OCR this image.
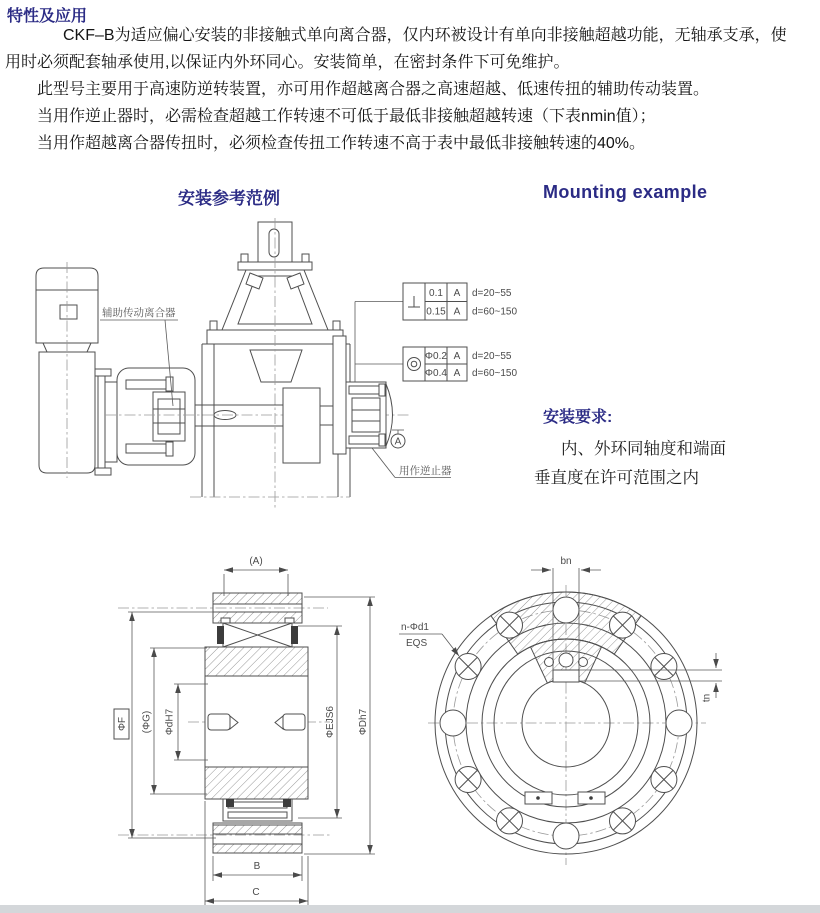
特性及应用

CKF–B为适应偏心安装的非接触式单向离合器，仅内环被设计有单向非接触超越功能，无轴承支承，使用时必须配套轴承使用,以保证内外环同心。安装简单，在密封条件下可免维护。

此型号主要用于高速防逆转装置，亦可用作超越离合器之高速超越、低速传扭的辅助传动装置。

当用作逆止器时，必需检查超越工作转速不可低于最低非接触超越转速（下表nmin值）；

当用作超越离合器传扭时，必须检查传扭工作转速不高于表中最低非接触转速的40%。

安装参考范例	Mounting example
A
辅助传动离合器
用作逆止器
0.1 A
0.15 A
d=20~55
d=60~150
Φ0.2 A
Φ0.4 A
d=20~55
d=60~150
安装要求:
内、外环同轴度和端面
垂直度在许可范围之内
(A)
ΦF (ΦG) ΦdH7	ΦEJS6 ΦDh7
B
C
bn
tn
n-Φd1
EQS
